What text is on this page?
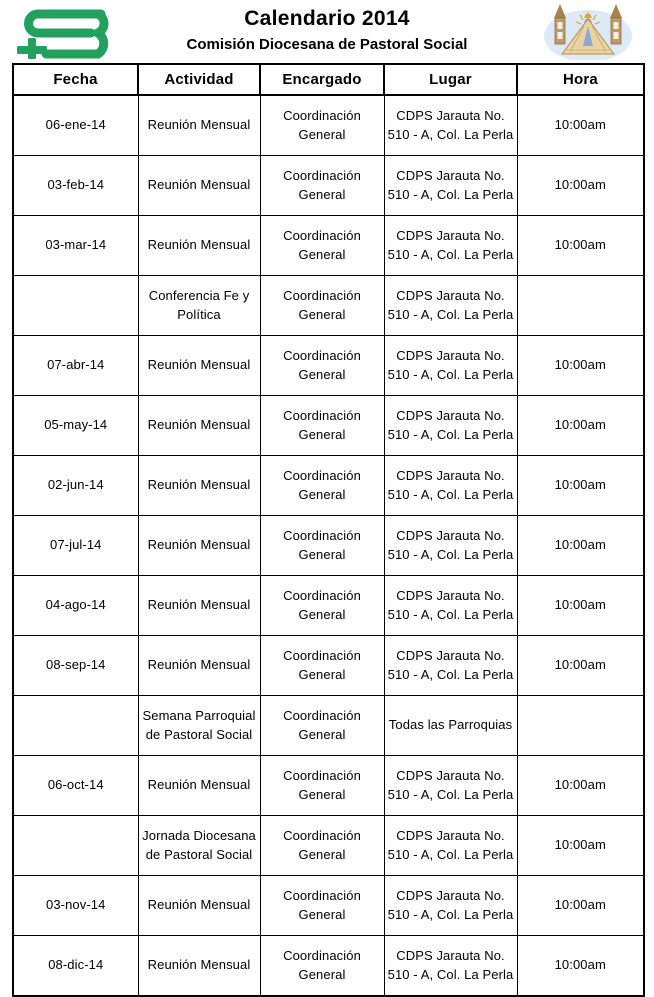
Calendario 2014
Comisión Diocesana de Pastoral Social
Fecha	Actividad	Encargado	Lugar	Hora
06-ene-14	Reunión Mensual	Coordinación General	CDPS Jarauta No. 510 - A, Col. La Perla	10:00am
03-feb-14	Reunión Mensual	Coordinación General	CDPS Jarauta No. 510 - A, Col. La Perla	10:00am
03-mar-14	Reunión Mensual	Coordinación General	CDPS Jarauta No. 510 - A, Col. La Perla	10:00am
	Conferencia Fe y Política	Coordinación General	CDPS Jarauta No. 510 - A, Col. La Perla	
07-abr-14	Reunión Mensual	Coordinación General	CDPS Jarauta No. 510 - A, Col. La Perla	10:00am
05-may-14	Reunión Mensual	Coordinación General	CDPS Jarauta No. 510 - A, Col. La Perla	10:00am
02-jun-14	Reunión Mensual	Coordinación General	CDPS Jarauta No. 510 - A, Col. La Perla	10:00am
07-jul-14	Reunión Mensual	Coordinación General	CDPS Jarauta No. 510 - A, Col. La Perla	10:00am
04-ago-14	Reunión Mensual	Coordinación General	CDPS Jarauta No. 510 - A, Col. La Perla	10:00am
08-sep-14	Reunión Mensual	Coordinación General	CDPS Jarauta No. 510 - A, Col. La Perla	10:00am
	Semana Parroquial de Pastoral Social	Coordinación General	Todas las Parroquias	
06-oct-14	Reunión Mensual	Coordinación General	CDPS Jarauta No. 510 - A, Col. La Perla	10:00am
	Jornada Diocesana de Pastoral Social	Coordinación General	CDPS Jarauta No. 510 - A, Col. La Perla	10:00am
03-nov-14	Reunión Mensual	Coordinación General	CDPS Jarauta No. 510 - A, Col. La Perla	10:00am
08-dic-14	Reunión Mensual	Coordinación General	CDPS Jarauta No. 510 - A, Col. La Perla	10:00am
